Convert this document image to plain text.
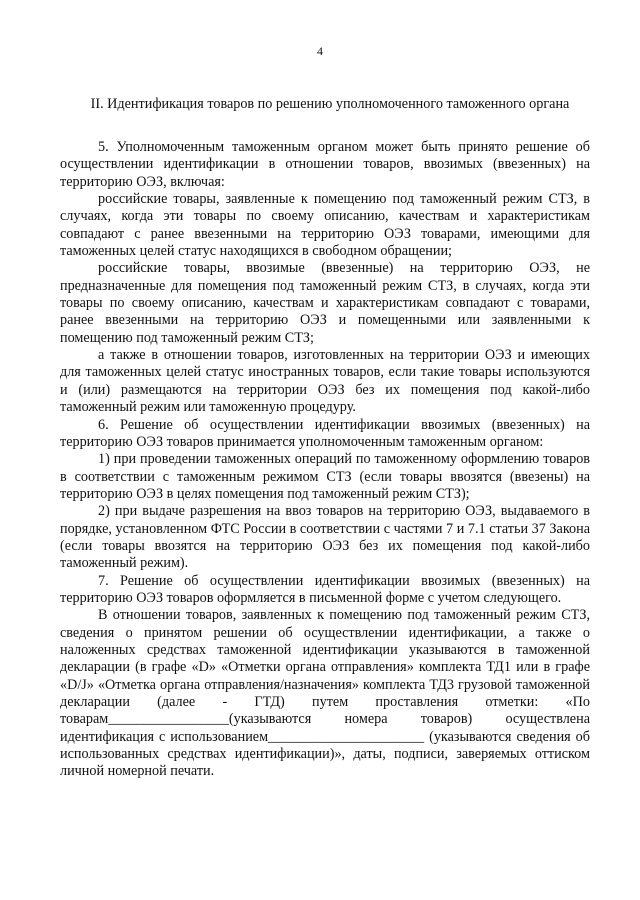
4
II. Идентификация товаров по решению уполномоченного таможенного органа

5. Уполномоченным таможенным органом может быть принято решение об осуществлении идентификации в отношении товаров, ввозимых (ввезенных) на территорию ОЭЗ, включая:

российские товары, заявленные к помещению под таможенный режим СТЗ, в случаях, когда эти товары по своему описанию, качествам и характеристикам совпадают с ранее ввезенными на территорию ОЭЗ товарами, имеющими для таможенных целей статус находящихся в свободном обращении;

российские товары, ввозимые (ввезенные) на территорию ОЭЗ, не предназначенные для помещения под таможенный режим СТЗ, в случаях, когда эти товары по своему описанию, качествам и характеристикам совпадают с товарами, ранее ввезенными на территорию ОЭЗ и помещенными или заявленными к помещению под таможенный режим СТЗ;

а также в отношении товаров, изготовленных на территории ОЭЗ и имеющих для таможенных целей статус иностранных товаров, если такие товары используются и (или) размещаются на территории ОЭЗ без их помещения под какой-либо таможенный режим или таможенную процедуру.

6. Решение об осуществлении идентификации ввозимых (ввезенных) на территорию ОЭЗ товаров принимается уполномоченным таможенным органом:

1) при проведении таможенных операций по таможенному оформлению товаров в соответствии с таможенным режимом СТЗ (если товары ввозятся (ввезены) на территорию ОЭЗ в целях помещения под таможенный режим СТЗ);

2) при выдаче разрешения на ввоз товаров на территорию ОЭЗ, выдаваемого в порядке, установленном ФТС России в соответствии с частями 7 и 7.1 статьи 37 Закона (если товары ввозятся на территорию ОЭЗ без их помещения под какой-либо таможенный режим).

7. Решение об осуществлении идентификации ввозимых (ввезенных) на территорию ОЭЗ товаров оформляется в письменной форме с учетом следующего.

В отношении товаров, заявленных к помещению под таможенный режим СТЗ, сведения о принятом решении об осуществлении идентификации, а также о наложенных средствах таможенной идентификации указываются в таможенной декларации (в графе «D» «Отметки органа отправления» комплекта ТД1 или в графе «D/J» «Отметка органа отправления/назначения» комплекта ТД3 грузовой таможенной декларации (далее - ГТД) путем проставления отметки: «По товарам_________________(указываются номера товаров) осуществлена идентификация с использованием______________________ (указываются сведения об использованных средствах идентификации)», даты, подписи, заверяемых оттиском личной номерной печати.
